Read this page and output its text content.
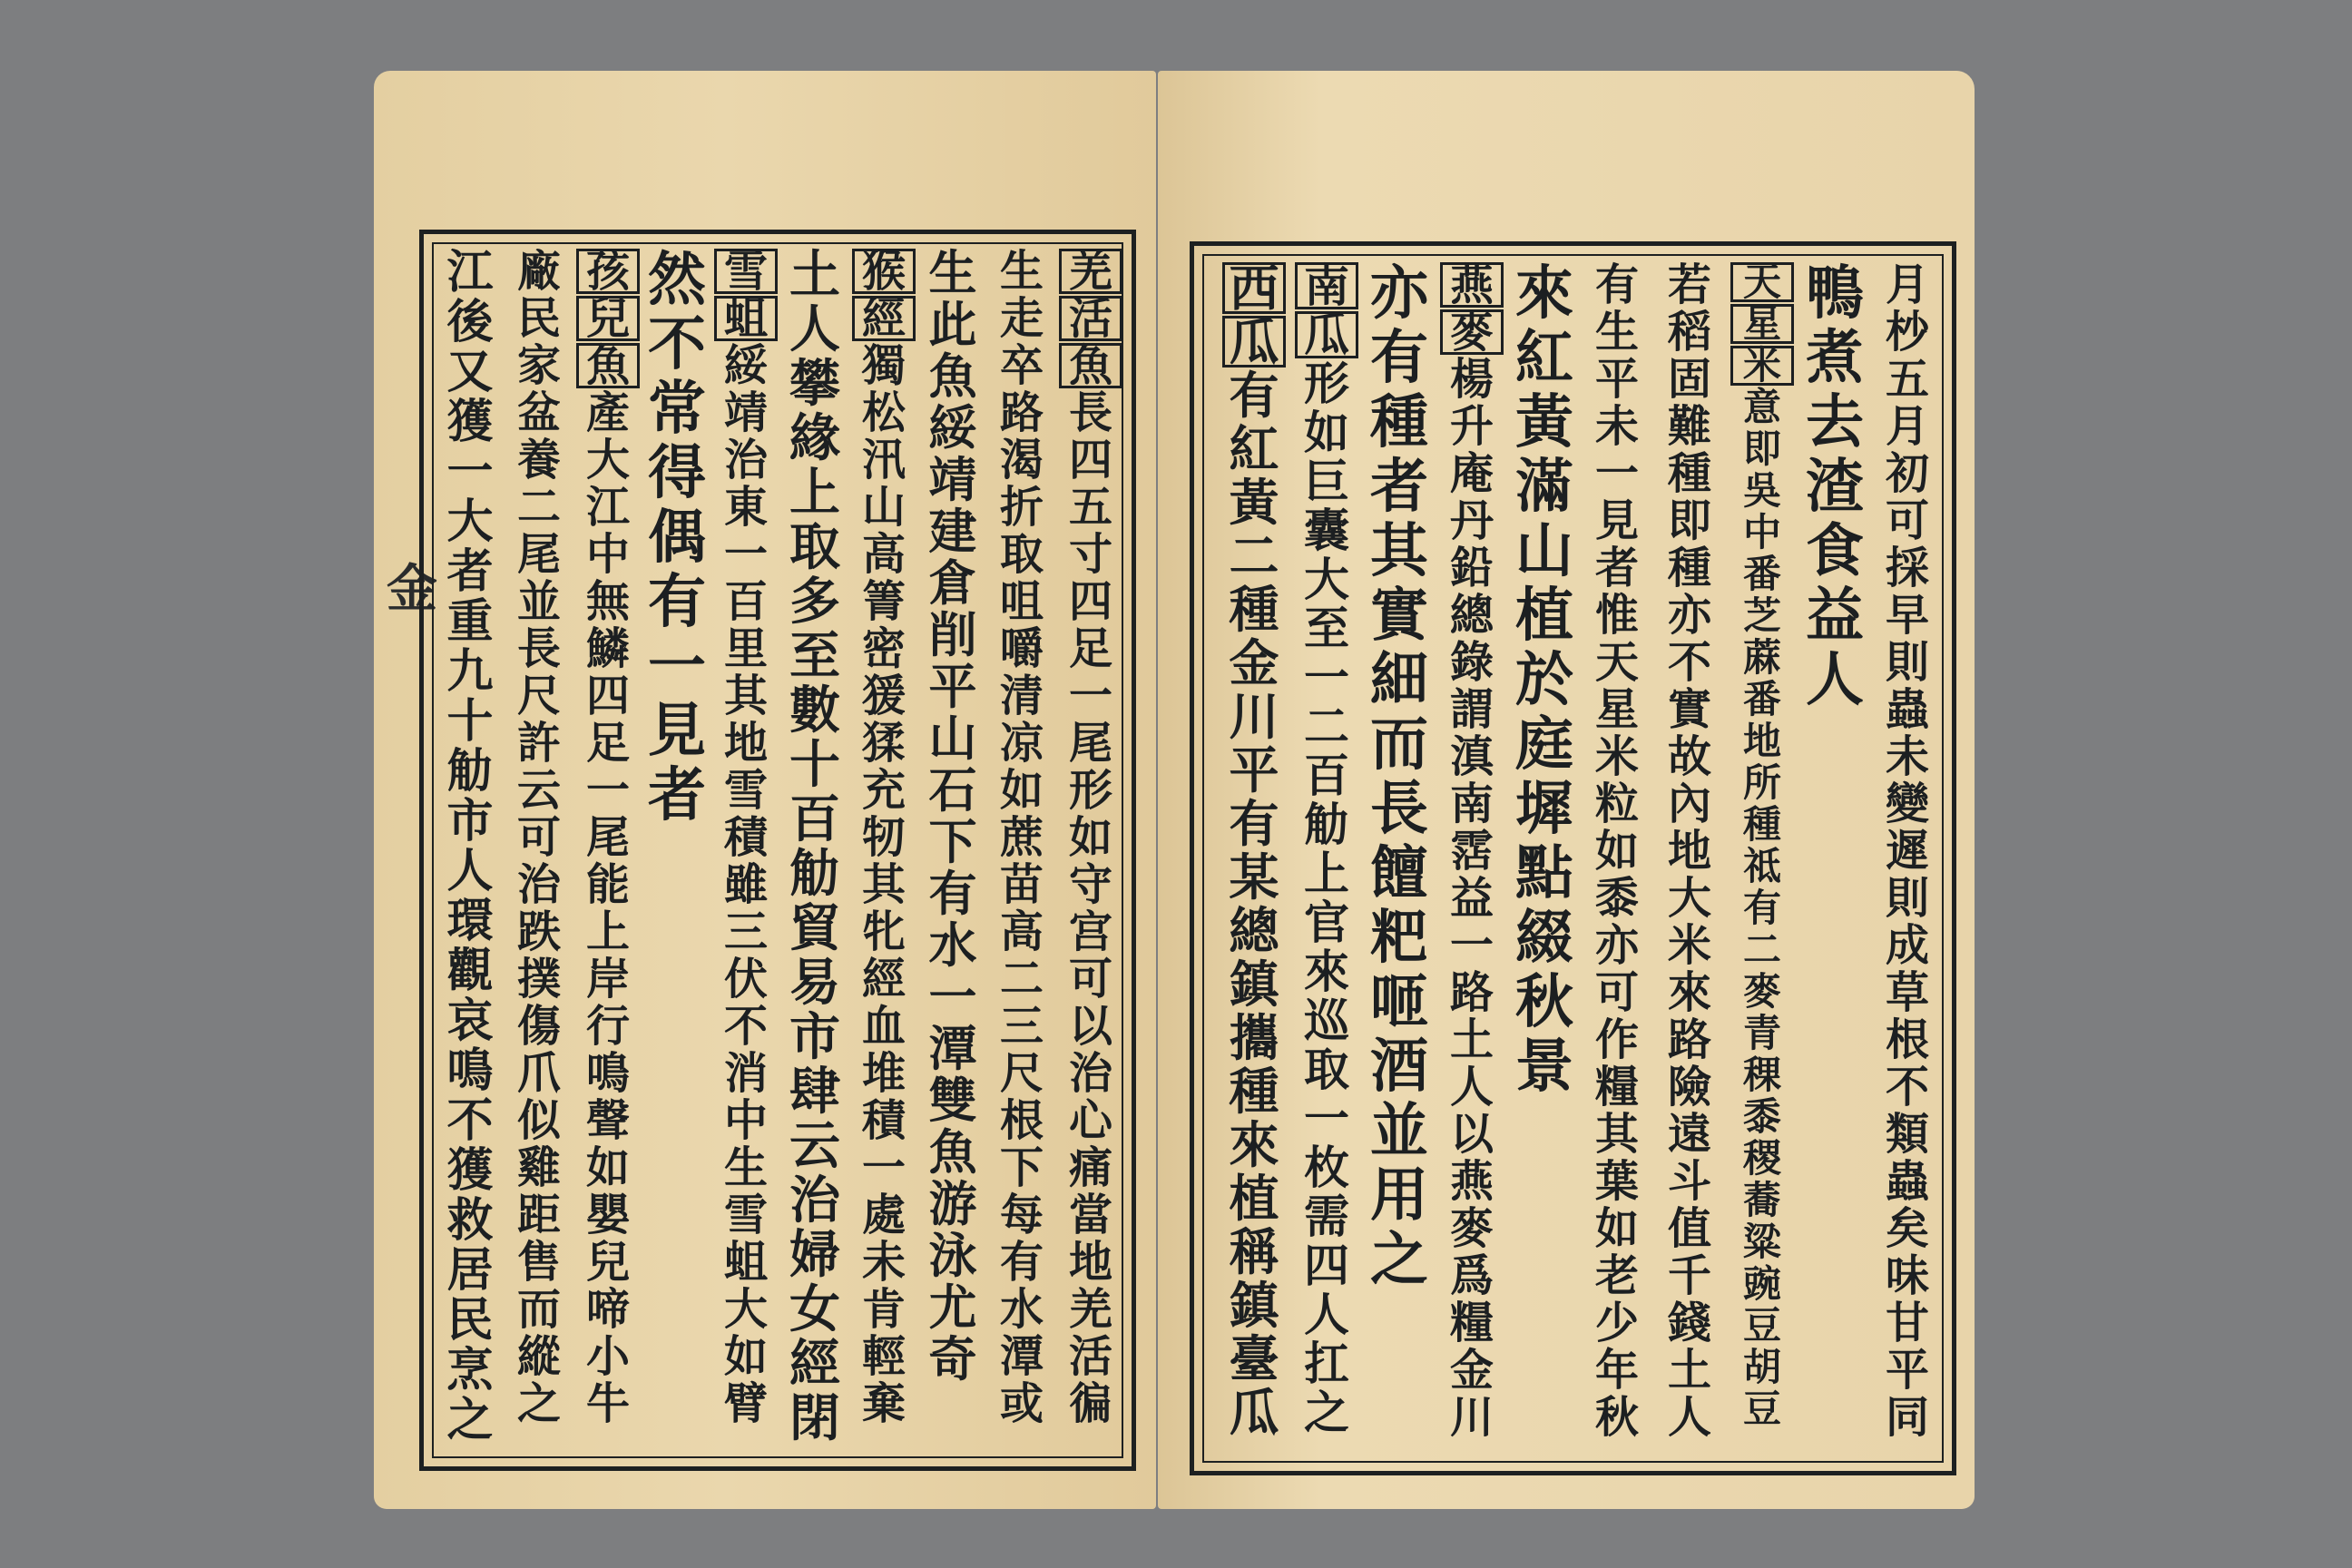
金
羌
活
魚
長
四
五
寸
四
足
一
尾
形
如
守
宫
可
以
治
心
痛
當
地
羌
活
徧
生
走
卒
路
渴
折
取
咀
嚼
清
凉
如
蔗
苗
高
二
三
尺
根
下
每
有
水
潭
或
生
此
魚
綏
靖
建
倉
削
平
山
石
下
有
水
一
潭
雙
魚
游
泳
尤
奇
猴
經
獨
松
汛
山
高
箐
密
猨
猱
充
牣
其
牝
經
血
堆
積
一
處
未
肯
輕
棄
土
人
攀
緣
上
取
多
至
數
十
百
觔
貿
易
市
肆
云
治
婦
女
經
閉
雪
蛆
綏
靖
治
東
一
百
里
其
地
雪
積
雖
三
伏
不
消
中
生
雪
蛆
大
如
臂
然
不
常
得
偶
有
一
見
者
孩
兒
魚
產
大
江
中
無
鱗
四
足
一
尾
能
上
岸
行
鳴
聲
如
嬰
兒
啼
小
牛
廠
民
家
盆
養
二
尾
並
長
尺
許
云
可
治
跌
撲
傷
爪
似
雞
距
售
而
縱
之
江
後
又
獲
一
大
者
重
九
十
觔
市
人
環
觀
哀
鳴
不
獲
救
居
民
烹
之
月
杪
五
月
初
可
採
早
則
蟲
未
變
遲
則
成
草
根
不
類
蟲
矣
味
甘
平
同
鴨
煮
去
渣
食
益
人
天
星
米
意
即
吳
中
番
芝
蔴
番
地
所
種
祗
有
二
麥
青
稞
黍
稷
蕎
粱
豌
豆
胡
豆
若
稻
固
難
種
即
種
亦
不
實
故
內
地
大
米
來
路
險
遠
斗
值
千
錢
土
人
有
生
平
未
一
見
者
惟
天
星
米
粒
如
黍
亦
可
作
糧
其
葉
如
老
少
年
秋
來
紅
黃
滿
山
植
於
庭
墀
點
綴
秋
景
燕
麥
楊
升
庵
丹
鉛
總
錄
謂
滇
南
霑
益
一
路
土
人
以
燕
麥
爲
糧
金
川
亦
有
種
者
其
實
細
而
長
饘
粑
咂
酒
並
用
之
南
瓜
形
如
巨
囊
大
至
一
二
百
觔
上
官
來
巡
取
一
枚
需
四
人
扛
之
西
瓜
有
紅
黃
二
種
金
川
平
有
某
總
鎮
攜
種
來
植
稱
鎮
臺
瓜
